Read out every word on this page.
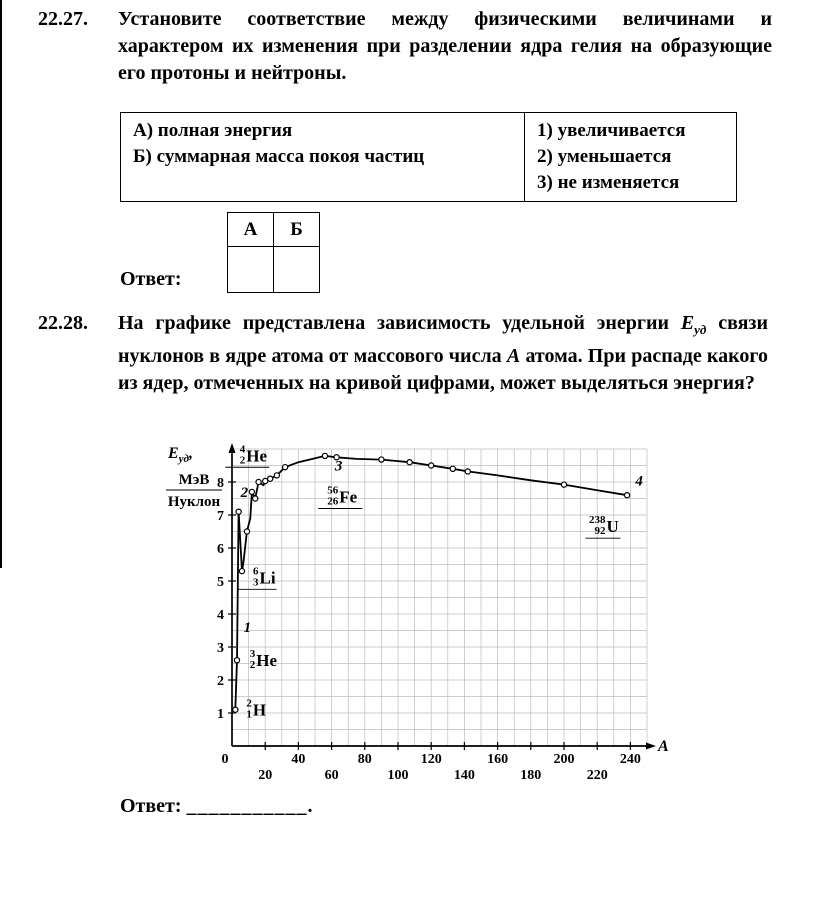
22.27. Установите соответствие между физическими величинами и характером их изменения при разделении ядра гелия на образующие его протоны и нейтроны.
А) полная энергия
Б) суммарная масса покоя частиц

1) увеличивается
2) уменьшается
3) не изменяется
Ответ:
А	Б

22.28. На графике представлена зависимость удельной энергии $E_{уд}$ связи нуклонов в ядре атома от массового числа A атома. При распаде какого из ядер, отмеченных на кривой цифрами, может выделяться энергия?
1
2
3
4
5
6
7
8
0	40	80	120	160	200	240
20	60	100	140	180	220
A
$E_{уд}$,
МэВ
Нуклон
4
2 He
56
26 Fe
238
92 U
6
3 Li
3
2 He
2
1 H
1
2
3
4
Ответ: ___________.
